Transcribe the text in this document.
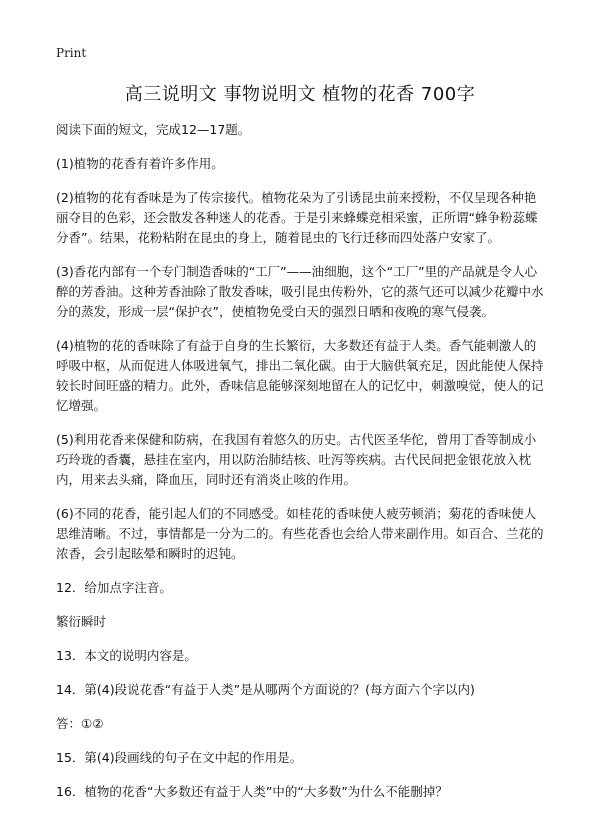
Print
高三说明文 事物说明文 植物的花香 700字

阅读下面的短文，完成12—17题。

(1)植物的花香有着许多作用。

(2)植物的花有香味是为了传宗接代。植物花朵为了引诱昆虫前来授粉，不仅呈现各种艳丽夺目的色彩，还会散发各种迷人的花香。于是引来蜂蝶竞相采蜜，正所谓“蜂争粉蕊蝶分香”。结果，花粉粘附在昆虫的身上，随着昆虫的飞行迁移而四处落户安家了。

(3)香花内部有一个专门制造香味的“工厂”——油细胞，这个“工厂”里的产品就是令人心醉的芳香油。这种芳香油除了散发香味，吸引昆虫传粉外，它的蒸气还可以减少花瓣中水分的蒸发，形成一层“保护衣”，使植物免受白天的强烈日晒和夜晚的寒气侵袭。

(4)植物的花的香味除了有益于自身的生长繁衍，大多数还有益于人类。香气能刺激人的呼吸中枢，从而促进人体吸进氧气，排出二氧化碳。由于大脑供氧充足，因此能使人保持较长时间旺盛的精力。此外，香味信息能够深刻地留在人的记忆中，刺激嗅觉，使人的记忆增强。

(5)利用花香来保健和防病，在我国有着悠久的历史。古代医圣华佗，曾用丁香等制成小巧玲珑的香囊，悬挂在室内，用以防治肺结核、吐泻等疾病。古代民间把金银花放入枕内，用来去头痛，降血压，同时还有消炎止咳的作用。

(6)不同的花香，能引起人们的不同感受。如桂花的香味使人疲劳顿消；菊花的香味使人思维清晰。不过，事情都是一分为二的。有些花香也会给人带来副作用。如百合、兰花的浓香，会引起眩晕和瞬时的迟钝。

12．给加点字注音。

繁衍瞬时

13．本文的说明内容是。

14．第(4)段说花香“有益于人类”是从哪两个方面说的？(每方面六个字以内)

答：①②

15．第(4)段画线的句子在文中起的作用是。

16．植物的花香“大多数还有益于人类”中的“大多数”为什么不能删掉？
